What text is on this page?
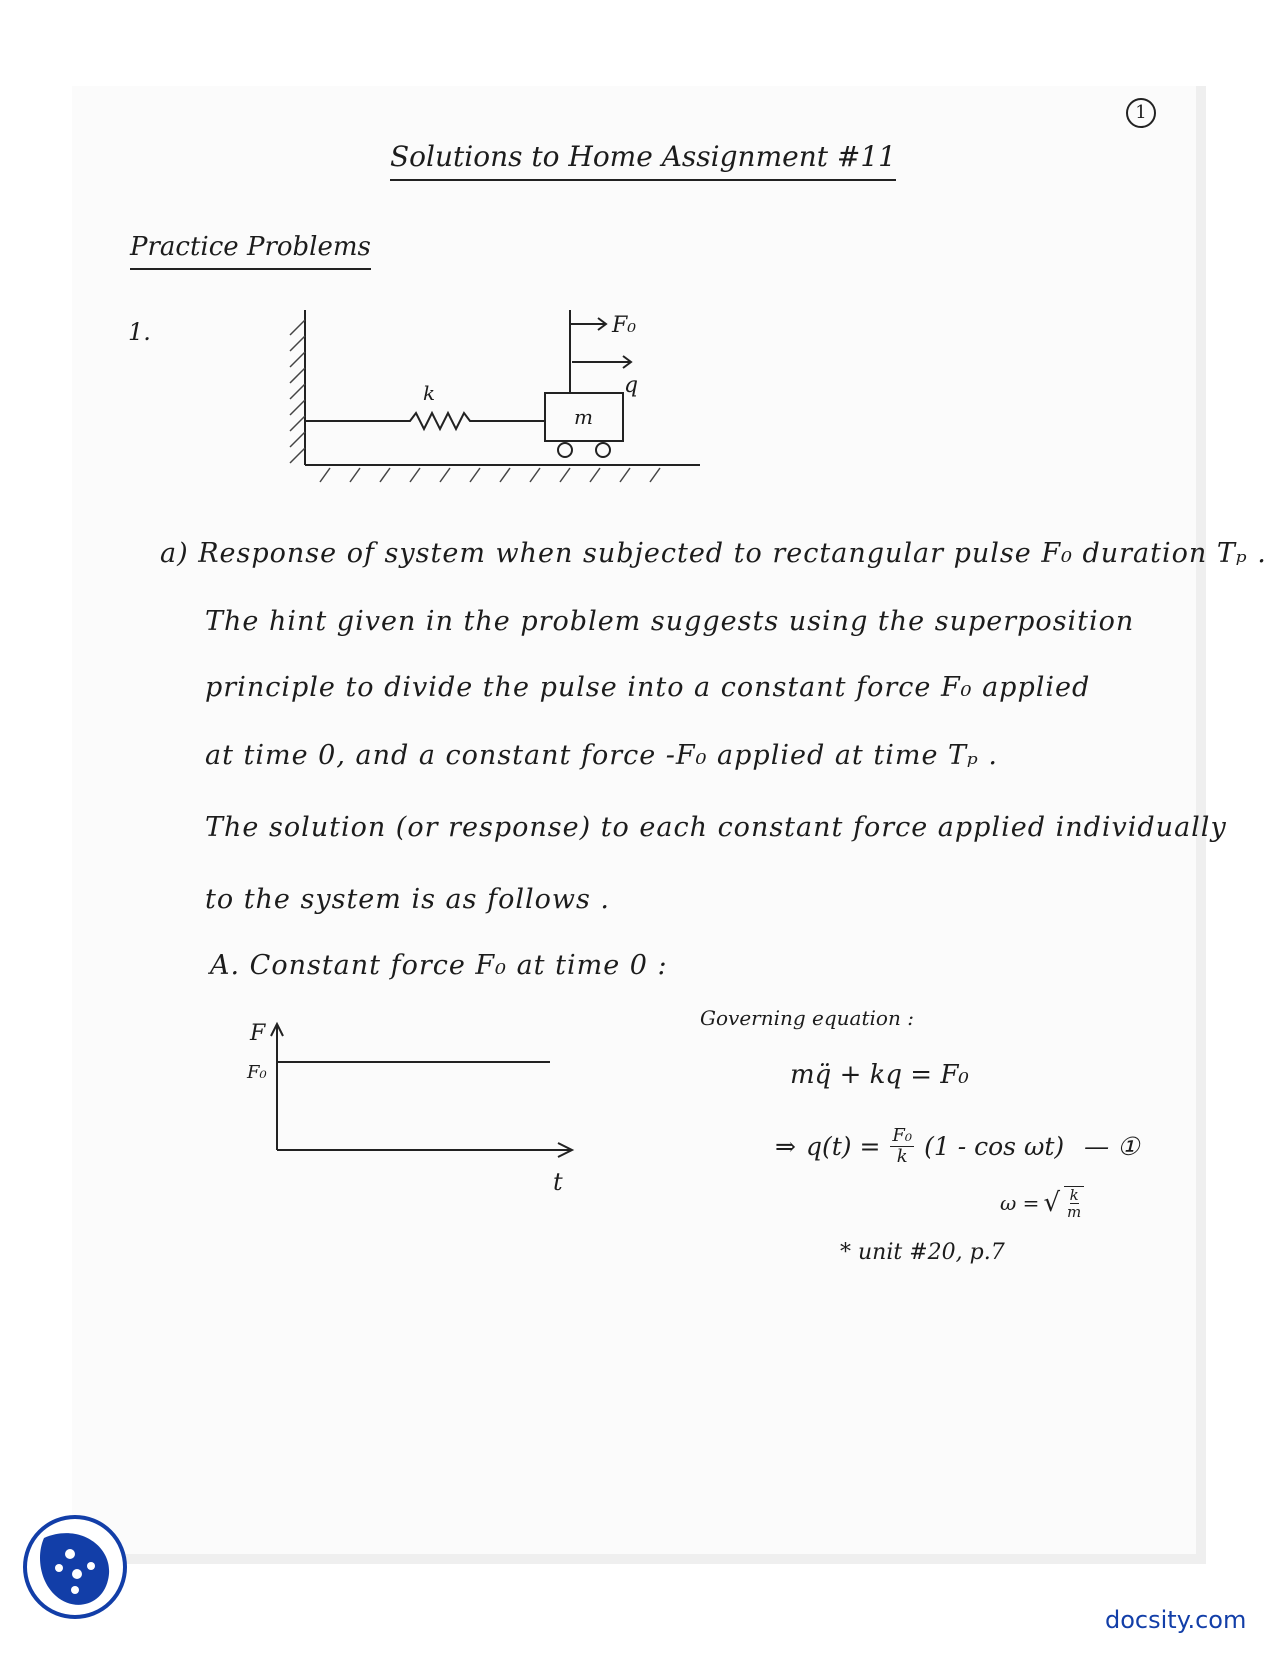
1
Solutions to Home Assignment #11
Practice Problems
1.
k
m
F₀
q
a) Response of system when subjected to rectangular pulse F₀ duration Tₚ .
The hint given in the problem suggests using the superposition
principle to divide the pulse into a constant force F₀ applied
at time 0, and a constant force -F₀ applied at time Tₚ .
The solution (or response) to each constant force applied individually
to the system is as follows .
A. Constant force F₀ at time 0 :
F
F₀
t
Governing equation :
mq̈ + kq = F₀
⇒ $q(t) = \frac{\text{F₀}}{k} (1 - \cos \omega t)$ — ①
ω = √ $\frac{k}{m}$
* unit #20, p.7
docsity.com
